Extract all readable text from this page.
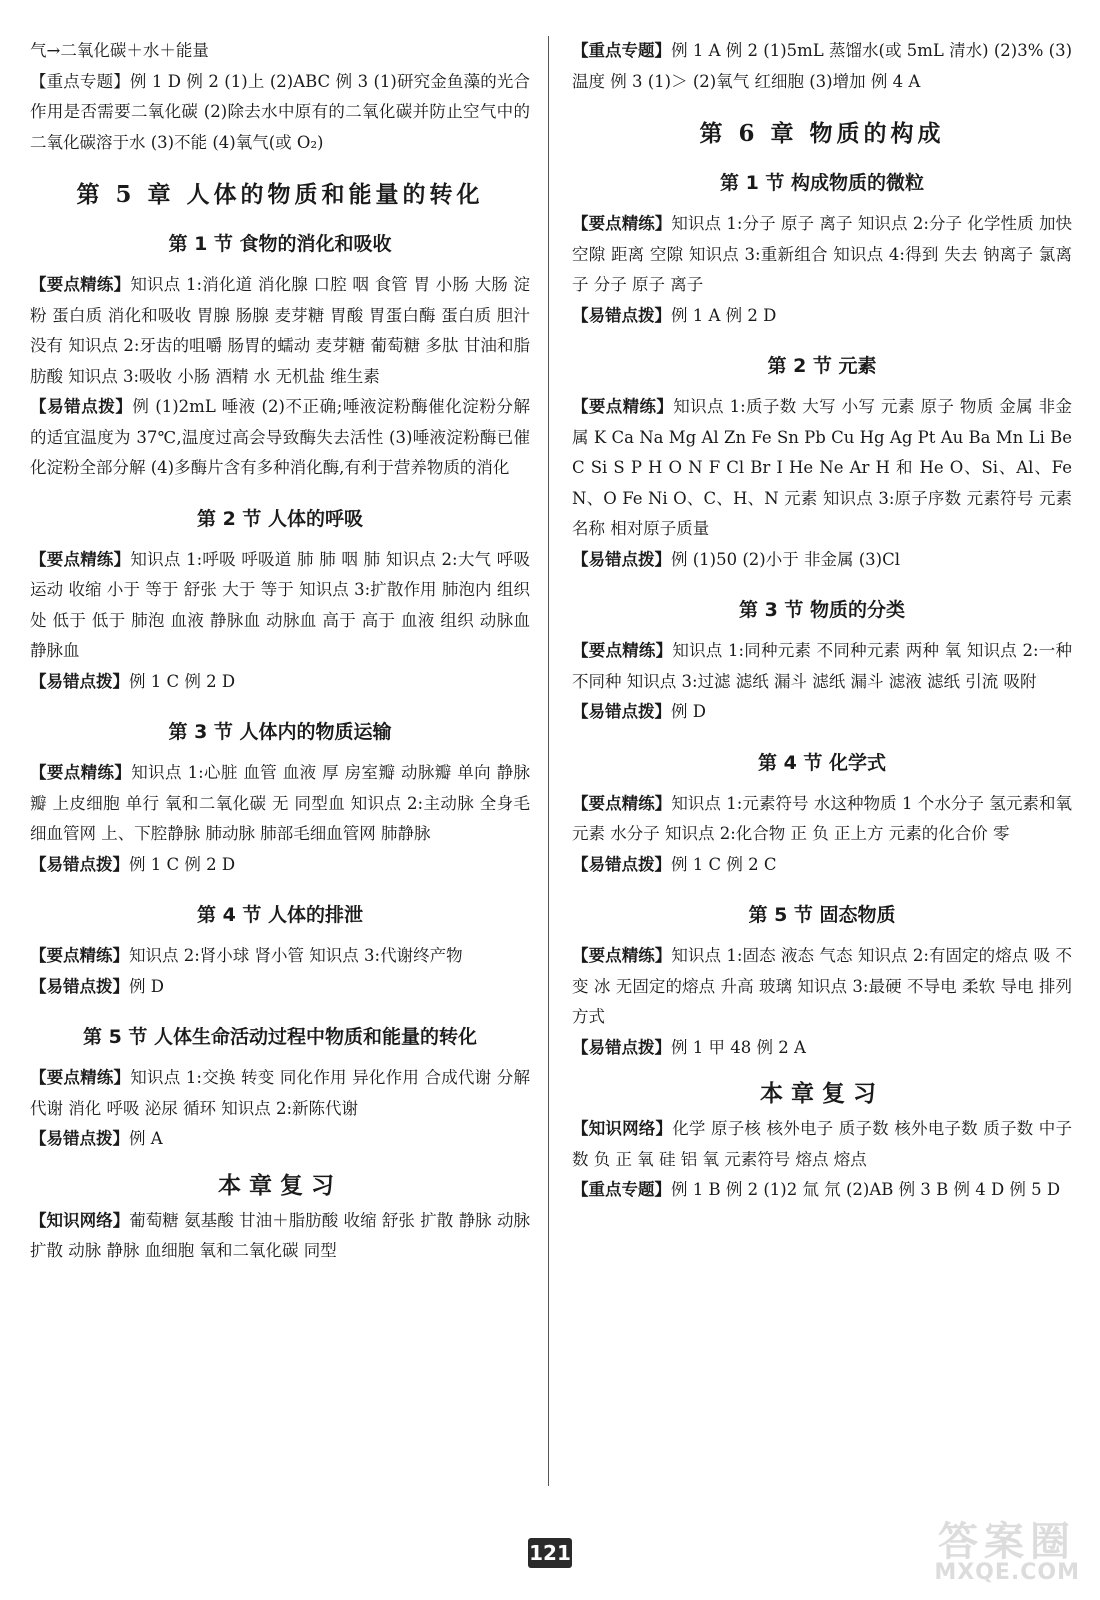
气→二氧化碳＋水＋能量

【重点专题】例 1 D 例 2 (1)上 (2)ABC 例 3 (1)研究金鱼藻的光合作用是否需要二氧化碳 (2)除去水中原有的二氧化碳并防止空气中的二氧化碳溶于水 (3)不能 (4)氧气(或 O₂)

第 5 章 人体的物质和能量的转化
第 1 节 食物的消化和吸收

【要点精练】知识点 1:消化道 消化腺 口腔 咽 食管 胃 小肠 大肠 淀粉 蛋白质 消化和吸收 胃腺 肠腺 麦芽糖 胃酸 胃蛋白酶 蛋白质 胆汁 没有 知识点 2:牙齿的咀嚼 肠胃的蠕动 麦芽糖 葡萄糖 多肽 甘油和脂肪酸 知识点 3:吸收 小肠 酒精 水 无机盐 维生素

【易错点拨】例 (1)2mL 唾液 (2)不正确;唾液淀粉酶催化淀粉分解的适宜温度为 37℃,温度过高会导致酶失去活性 (3)唾液淀粉酶已催化淀粉全部分解 (4)多酶片含有多种消化酶,有利于营养物质的消化

第 2 节 人体的呼吸

【要点精练】知识点 1:呼吸 呼吸道 肺 肺 咽 肺 知识点 2:大气 呼吸运动 收缩 小于 等于 舒张 大于 等于 知识点 3:扩散作用 肺泡内 组织处 低于 低于 肺泡 血液 静脉血 动脉血 高于 高于 血液 组织 动脉血 静脉血

【易错点拨】例 1 C 例 2 D

第 3 节 人体内的物质运输

【要点精练】知识点 1:心脏 血管 血液 厚 房室瓣 动脉瓣 单向 静脉瓣 上皮细胞 单行 氧和二氧化碳 无 同型血 知识点 2:主动脉 全身毛细血管网 上、下腔静脉 肺动脉 肺部毛细血管网 肺静脉

【易错点拨】例 1 C 例 2 D

第 4 节 人体的排泄

【要点精练】知识点 2:肾小球 肾小管 知识点 3:代谢终产物

【易错点拨】例 D

第 5 节 人体生命活动过程中物质和能量的转化

【要点精练】知识点 1:交换 转变 同化作用 异化作用 合成代谢 分解代谢 消化 呼吸 泌尿 循环 知识点 2:新陈代谢

【易错点拨】例 A

本章复习

【知识网络】葡萄糖 氨基酸 甘油＋脂肪酸 收缩 舒张 扩散 静脉 动脉 扩散 动脉 静脉 血细胞 氧和二氧化碳 同型

【重点专题】例 1 A 例 2 (1)5mL 蒸馏水(或 5mL 清水) (2)3% (3)温度 例 3 (1)＞ (2)氧气 红细胞 (3)增加 例 4 A

第 6 章 物质的构成
第 1 节 构成物质的微粒

【要点精练】知识点 1:分子 原子 离子 知识点 2:分子 化学性质 加快 空隙 距离 空隙 知识点 3:重新组合 知识点 4:得到 失去 钠离子 氯离子 分子 原子 离子

【易错点拨】例 1 A 例 2 D

第 2 节 元素

【要点精练】知识点 1:质子数 大写 小写 元素 原子 物质 金属 非金属 K Ca Na Mg Al Zn Fe Sn Pb Cu Hg Ag Pt Au Ba Mn Li Be C Si S P H O N F Cl Br I He Ne Ar H 和 He O、Si、Al、Fe N、O Fe Ni O、C、H、N 元素 知识点 3:原子序数 元素符号 元素名称 相对原子质量

【易错点拨】例 (1)50 (2)小于 非金属 (3)Cl

第 3 节 物质的分类

【要点精练】知识点 1:同种元素 不同种元素 两种 氧 知识点 2:一种 不同种 知识点 3:过滤 滤纸 漏斗 滤纸 漏斗 滤液 滤纸 引流 吸附

【易错点拨】例 D

第 4 节 化学式

【要点精练】知识点 1:元素符号 水这种物质 1 个水分子 氢元素和氧元素 水分子 知识点 2:化合物 正 负 正上方 元素的化合价 零

【易错点拨】例 1 C 例 2 C

第 5 节 固态物质

【要点精练】知识点 1:固态 液态 气态 知识点 2:有固定的熔点 吸 不变 冰 无固定的熔点 升高 玻璃 知识点 3:最硬 不导电 柔软 导电 排列方式

【易错点拨】例 1 甲 48 例 2 A

本章复习

【知识网络】化学 原子核 核外电子 质子数 核外电子数 质子数 中子数 负 正 氧 硅 铝 氧 元素符号 熔点 熔点

【重点专题】例 1 B 例 2 (1)2 氚 氘 (2)AB 例 3 B 例 4 D 例 5 D

121	答案圈
MXQE.COM
